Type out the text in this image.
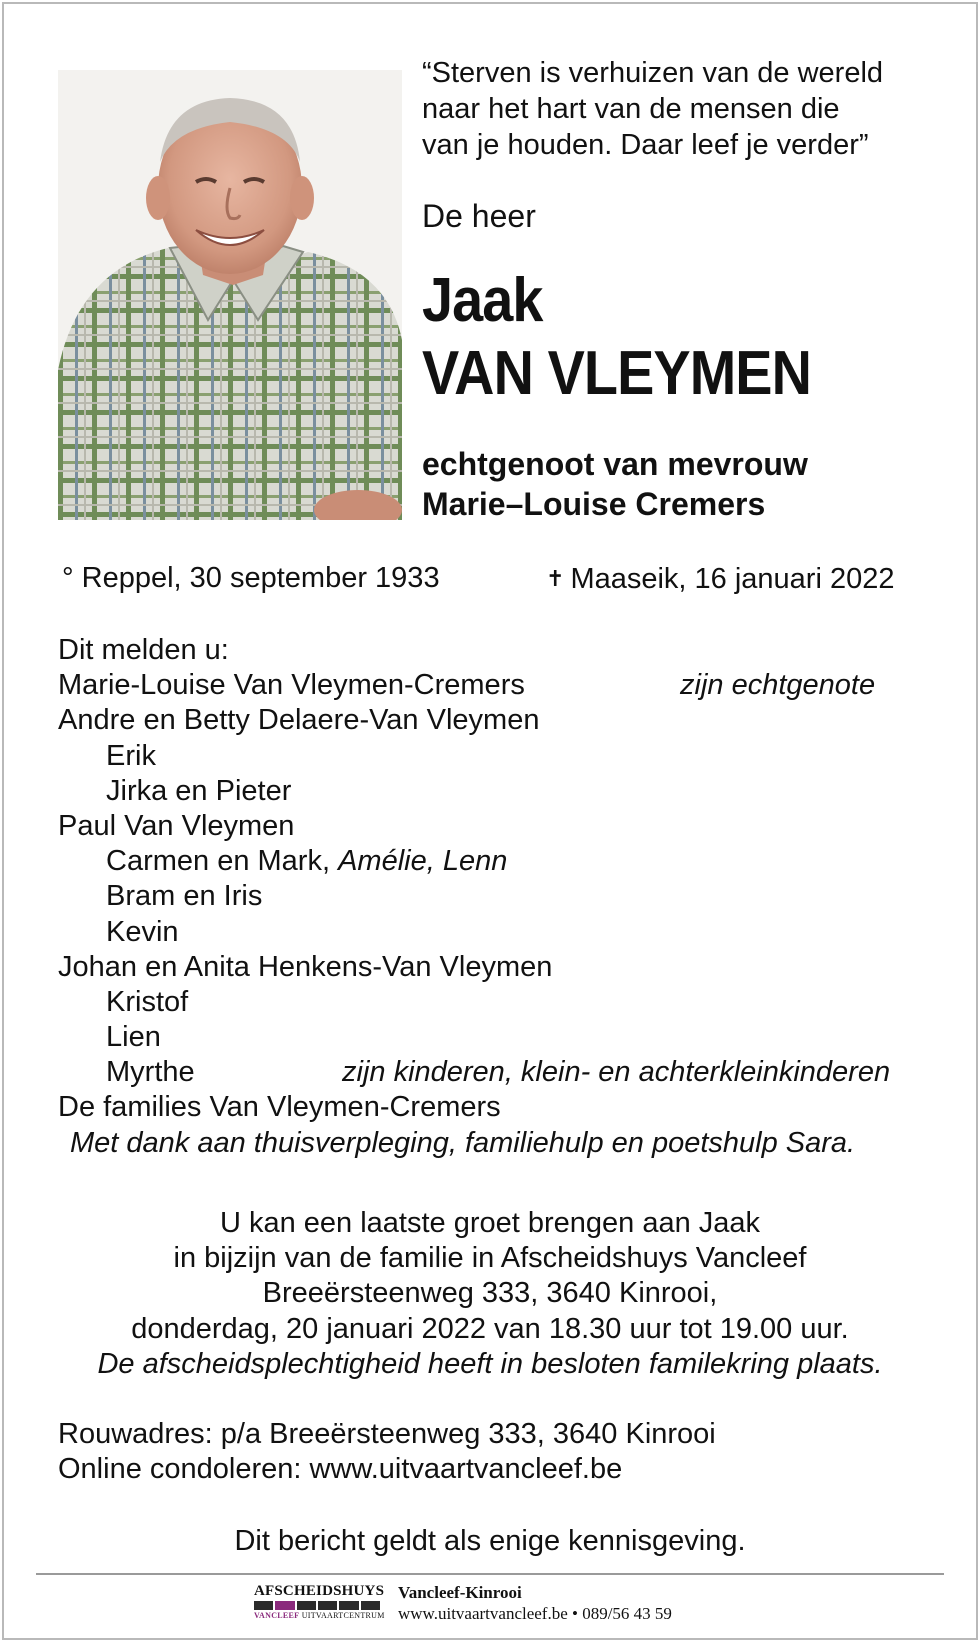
“Sterven is verhuizen van de wereld
naar het hart van de mensen die
van je houden. Daar leef je verder”
De heer
Jaak
VAN VLEYMEN
echtgenoot van mevrouw
Marie–Louise Cremers
° Reppel, 30 september 1933	✝ Maaseik, 16 januari 2022
Dit melden u:
Marie-Louise Van Vleymen-Cremers	zijn echtgenote
Andre en Betty Delaere-Van Vleymen
Erik
Jirka en Pieter
Paul Van Vleymen
Carmen en Mark, Amélie, Lenn
Bram en Iris
Kevin
Johan en Anita Henkens-Van Vleymen
Kristof
Lien
Myrthe	zijn kinderen, klein- en achterkleinkinderen
De families Van Vleymen-Cremers
Met dank aan thuisverpleging, familiehulp en poetshulp Sara.
U kan een laatste groet brengen aan Jaak
in bijzijn van de familie in Afscheidshuys Vancleef
Breeërsteenweg 333, 3640 Kinrooi,
donderdag, 20 januari 2022 van 18.30 uur tot 19.00 uur.
De afscheidsplechtigheid heeft in besloten familekring plaats.
Rouwadres: p/a Breeërsteenweg 333, 3640 Kinrooi
Online condoleren: www.uitvaartvancleef.be
Dit bericht geldt als enige kennisgeving.
AFSCHEIDSHUYS
VANCLEEF UITVAARTCENTRUM
Vancleef-Kinrooi
www.uitvaartvancleef.be • 089/56 43 59
